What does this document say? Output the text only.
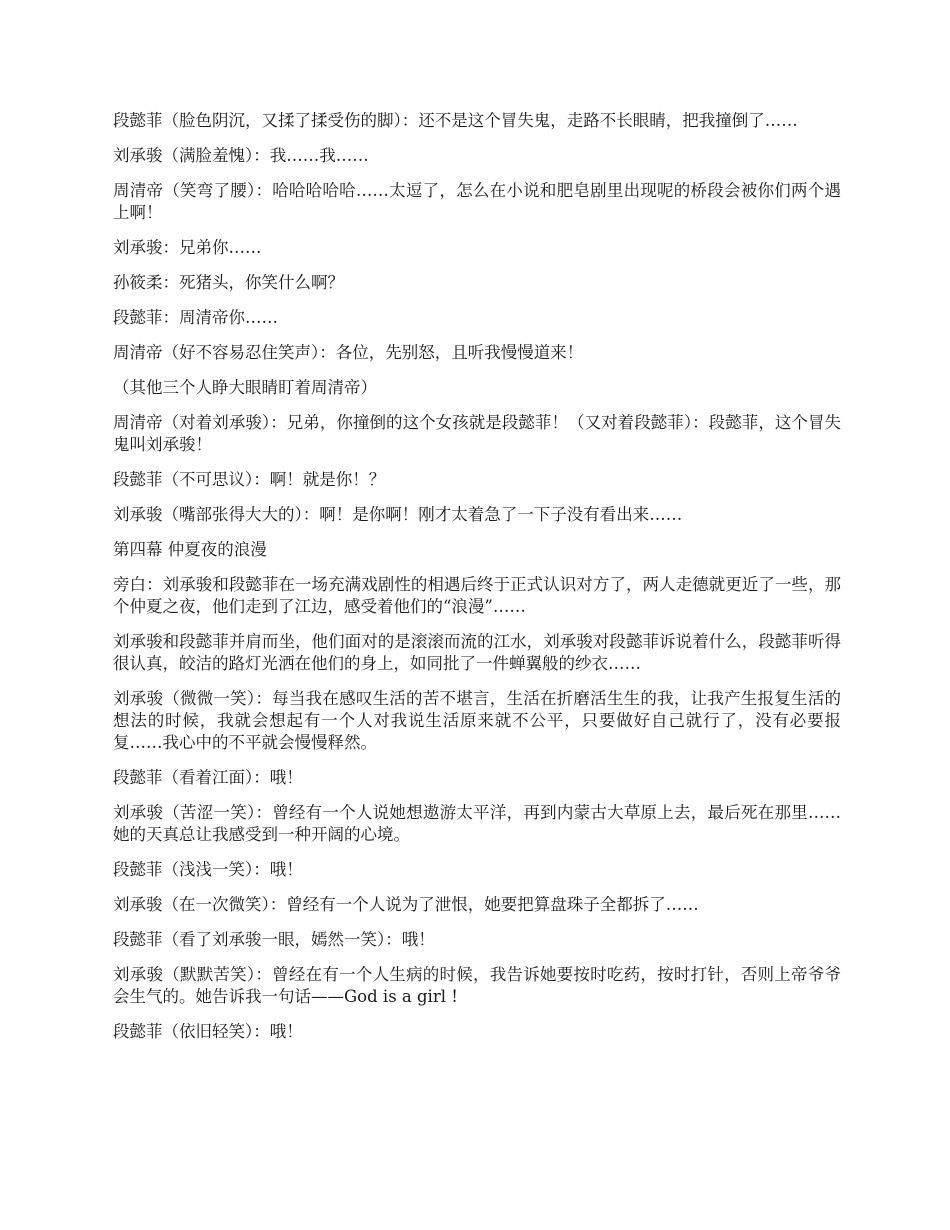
段懿菲（脸色阴沉，又揉了揉受伤的脚）：还不是这个冒失鬼，走路不长眼睛，把我撞倒了……

刘承骏（满脸羞愧）：我……我……

周清帝（笑弯了腰）：哈哈哈哈哈……太逗了，怎么在小说和肥皂剧里出现呢的桥段会被你们两个遇上啊！

刘承骏：兄弟你……

孙筱柔：死猪头，你笑什么啊？

段懿菲：周清帝你……

周清帝（好不容易忍住笑声）：各位，先别怒，且听我慢慢道来！

（其他三个人睁大眼睛盯着周清帝）

周清帝（对着刘承骏）：兄弟，你撞倒的这个女孩就是段懿菲！（又对着段懿菲）：段懿菲，这个冒失鬼叫刘承骏！

段懿菲（不可思议）：啊！就是你！？

刘承骏（嘴部张得大大的）：啊！是你啊！刚才太着急了一下子没有看出来……

第四幕 仲夏夜的浪漫

旁白：刘承骏和段懿菲在一场充满戏剧性的相遇后终于正式认识对方了，两人走德就更近了一些，那个仲夏之夜，他们走到了江边，感受着他们的“浪漫”……

刘承骏和段懿菲并肩而坐，他们面对的是滚滚而流的江水，刘承骏对段懿菲诉说着什么，段懿菲听得很认真，皎洁的路灯光洒在他们的身上，如同批了一件蝉翼般的纱衣……

刘承骏（微微一笑）：每当我在感叹生活的苦不堪言，生活在折磨活生生的我，让我产生报复生活的想法的时候，我就会想起有一个人对我说生活原来就不公平，只要做好自己就行了，没有必要报复……我心中的不平就会慢慢释然。

段懿菲（看着江面）：哦！

刘承骏（苦涩一笑）：曾经有一个人说她想遨游太平洋，再到内蒙古大草原上去，最后死在那里……她的天真总让我感受到一种开阔的心境。

段懿菲（浅浅一笑）：哦！

刘承骏（在一次微笑）：曾经有一个人说为了泄恨，她要把算盘珠子全都拆了……

段懿菲（看了刘承骏一眼，嫣然一笑）：哦！

刘承骏（默默苦笑）：曾经在有一个人生病的时候，我告诉她要按时吃药，按时打针，否则上帝爷爷会生气的。她告诉我一句话——God is a girl !

段懿菲（依旧轻笑）：哦！
